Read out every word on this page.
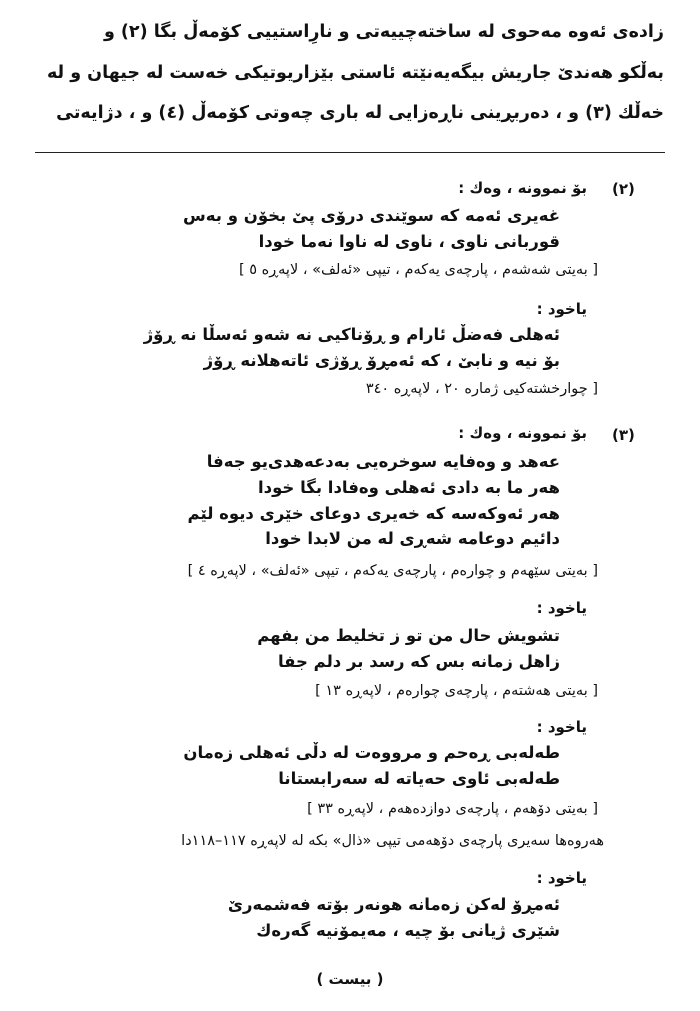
زادەی ئەوە مەحوی لە ساختەچییەتی و نارِاستییی کۆمەڵ بگا (٢) و
بەڵکو هەندێ جاریش بیگەیەنێتە ئاستی بێزاریوتیکی خەست لە جیهان و لە
خەڵك (٣) و ، دەربڕینی ناڕەزایی لە باری چەوتی کۆمەڵ (٤) و ، دژایەتی
(٢)
بۆ نموونە ، وەك :
غەیری ئەمە كە سوێندی درۆی پێ بخۆن و بەس
قوربانی ناوی ، ناوی لە ناوا نەما خودا
[ بەیتی شەشەم ، پارچەی یەکەم ، تیپی «ئەلف» ، لاپەڕە ٥ ]
یاخود :
ئەهلی فەضڵ ئارام و ڕۆناکیی نە شەو ئەسڵا نە ڕۆژ
بۆ نیە و نابێ ، كە ئەمڕۆ ڕۆژی ئاتەهلانە ڕۆژ
[ چوارخشتەکیی ژمارە ٢٠ ، لاپەڕە ٣٤٠
(٣)
بۆ نموونە ، وەك :
عەهد و وەفایە سوخرەیی بەدعەهدی‌یو جەفا
هەر ما بە دادی ئەهلی وەفادا بگا خودا
هەر ئەوکەسە كە خەیری دوعای خێری دیوە لێم
دائیم دوعامە شەڕی لە من لابدا خودا
[ بەیتی سێهەم و چوارەم ، پارچەی یەکەم ، تیپی «ئەلف» ، لاپەڕە ٤ ]
یاخود :
تشویش حال من تو ز تخلیط من بفهم
زاهل زمانه بس که رسد بر دلم جفا
[ بەیتی هەشتەم ، پارچەی چوارەم ، لاپەڕە ١٣ ]
یاخود :
طەلەبی ڕەحم و مرووەت لە دڵی ئەهلی زەمان
طەلەبی ئاوی حەیاتە لە سەرابستانا
[ بەیتی دۆهەم ، پارچەی دوازدەهەم ، لاپەڕە ٣٣ ]
هەروەها سەیری پارچەی دۆهەمی تیپی «ذال» بکە لە لاپەڕە ١١٧–١١٨دا
یاخود :
ئەمڕۆ لەکن زەمانە هونەر بۆتە فەشمەرێ
شێری ژیانی بۆ چیە ، مەیمۆنیە گەرەك
( بیست )
